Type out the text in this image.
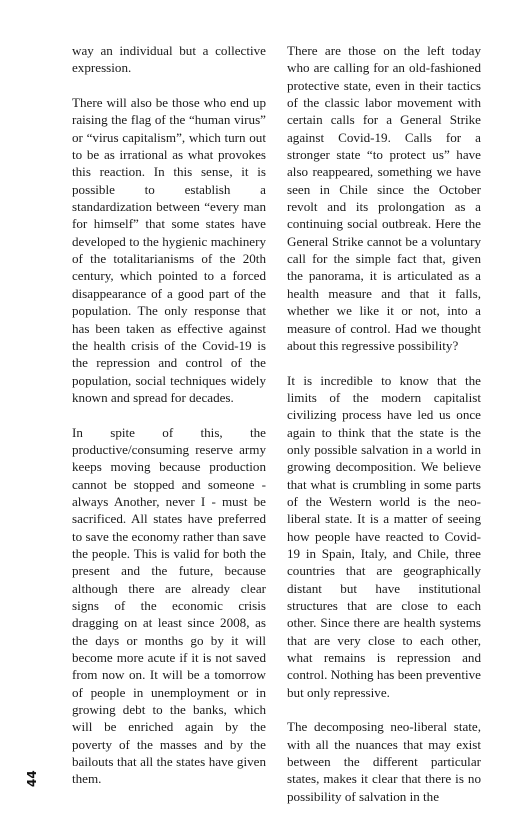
44

way an individual but a collective expression.

There will also be those who end up raising the flag of the “human virus” or “virus capitalism”, which turn out to be as irrational as what provokes this reaction. In this sense, it is possible to establish a standardization between “every man for himself” that some states have developed to the hygienic machinery of the totalitarianisms of the 20th century, which pointed to a forced disappearance of a good part of the population. The only response that has been taken as effective against the health crisis of the Covid-19 is the repression and control of the population, social techniques widely known and spread for decades.

In spite of this, the productive/consuming reserve army keeps moving because production cannot be stopped and someone - always Another, never I - must be sacrificed. All states have preferred to save the economy rather than save the people. This is valid for both the present and the future, because although there are already clear signs of the economic crisis dragging on at least since 2008, as the days or months go by it will become more acute if it is not saved from now on. It will be a tomorrow of people in unemployment or in growing debt to the banks, which will be enriched again by the poverty of the masses and by the bailouts that all the states have given them.

There are those on the left today who are calling for an old-fashioned protective state, even in their tactics of the classic labor movement with certain calls for a General Strike against Covid-19. Calls for a stronger state “to protect us” have also reappeared, something we have seen in Chile since the October revolt and its prolongation as a continuing social outbreak. Here the General Strike cannot be a voluntary call for the simple fact that, given the panorama, it is articulated as a health measure and that it falls, whether we like it or not, into a measure of control. Had we thought about this regressive possibility?

It is incredible to know that the limits of the modern capitalist civilizing process have led us once again to think that the state is the only possible salvation in a world in growing decomposition. We believe that what is crumbling in some parts of the Western world is the neo-liberal state. It is a matter of seeing how people have reacted to Covid-19 in Spain, Italy, and Chile, three countries that are geographically distant but have institutional structures that are close to each other. Since there are health systems that are very close to each other, what remains is repression and control. Nothing has been preventive but only repressive.

The decomposing neo-liberal state, with all the nuances that may exist between the different particular states, makes it clear that there is no possibility of salvation in the
